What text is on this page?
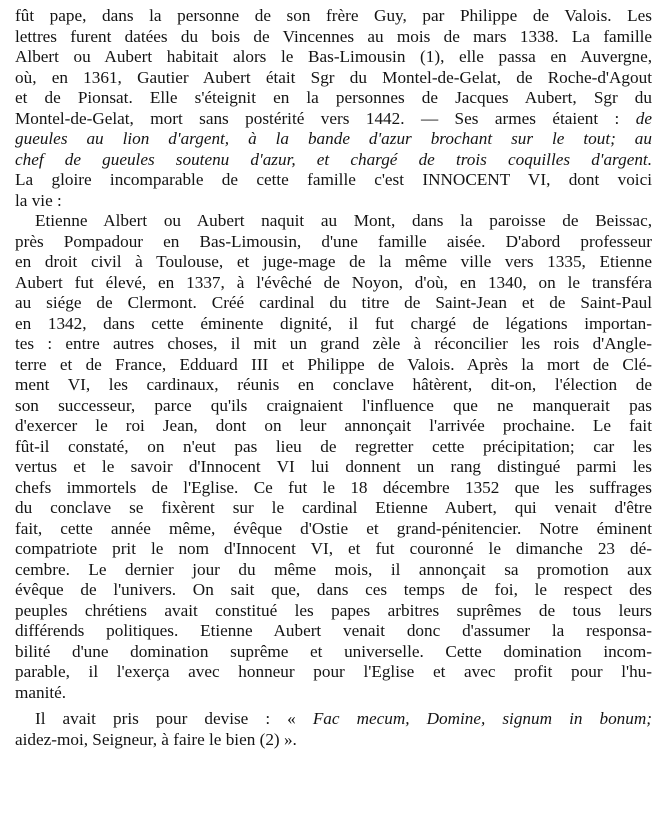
fût pape, dans la personne de son frère Guy, par Philippe de Valois. Les
lettres furent datées du bois de Vincennes au mois de mars 1338. La famille
Albert ou Aubert habitait alors le Bas-Limousin (1), elle passa en Auvergne,
où, en 1361, Gautier Aubert était Sgr du Montel-de-Gelat, de Roche-d'Agout
et de Pionsat. Elle s'éteignit en la personnes de Jacques Aubert, Sgr du
Montel-de-Gelat, mort sans postérité vers 1442. — Ses armes étaient : de
gueules au lion d'argent, à la bande d'azur brochant sur le tout; au
chef de gueules soutenu d'azur, et chargé de trois coquilles d'argent.
La gloire incomparable de cette famille c'est INNOCENT VI, dont voici
la vie :
Etienne Albert ou Aubert naquit au Mont, dans la paroisse de Beissac,
près Pompadour en Bas-Limousin, d'une famille aisée. D'abord professeur
en droit civil à Toulouse, et juge-mage de la même ville vers 1335, Etienne
Aubert fut élevé, en 1337, à l'évêché de Noyon, d'où, en 1340, on le transféra
au siége de Clermont. Créé cardinal du titre de Saint-Jean et de Saint-Paul
en 1342, dans cette éminente dignité, il fut chargé de légations importan-
tes : entre autres choses, il mit un grand zèle à réconcilier les rois d'Angle-
terre et de France, Edduard III et Philippe de Valois. Après la mort de Clé-
ment VI, les cardinaux, réunis en conclave hâtèrent, dit-on, l'élection de
son successeur, parce qu'ils craignaient l'influence que ne manquerait pas
d'exercer le roi Jean, dont on leur annonçait l'arrivée prochaine. Le fait
fût-il constaté, on n'eut pas lieu de regretter cette précipitation; car les
vertus et le savoir d'Innocent VI lui donnent un rang distingué parmi les
chefs immortels de l'Eglise. Ce fut le 18 décembre 1352 que les suffrages
du conclave se fixèrent sur le cardinal Etienne Aubert, qui venait d'être
fait, cette année même, évêque d'Ostie et grand-pénitencier. Notre éminent
compatriote prit le nom d'Innocent VI, et fut couronné le dimanche 23 dé-
cembre. Le dernier jour du même mois, il annonçait sa promotion aux
évêque de l'univers. On sait que, dans ces temps de foi, le respect des
peuples chrétiens avait constitué les papes arbitres suprêmes de tous leurs
différends politiques. Etienne Aubert venait donc d'assumer la responsa-
bilité d'une domination suprême et universelle. Cette domination incom-
parable, il l'exerça avec honneur pour l'Eglise et avec profit pour l'hu-
manité.
Il avait pris pour devise : « Fac mecum, Domine, signum in bonum;
aidez-moi, Seigneur, à faire le bien (2) ».
